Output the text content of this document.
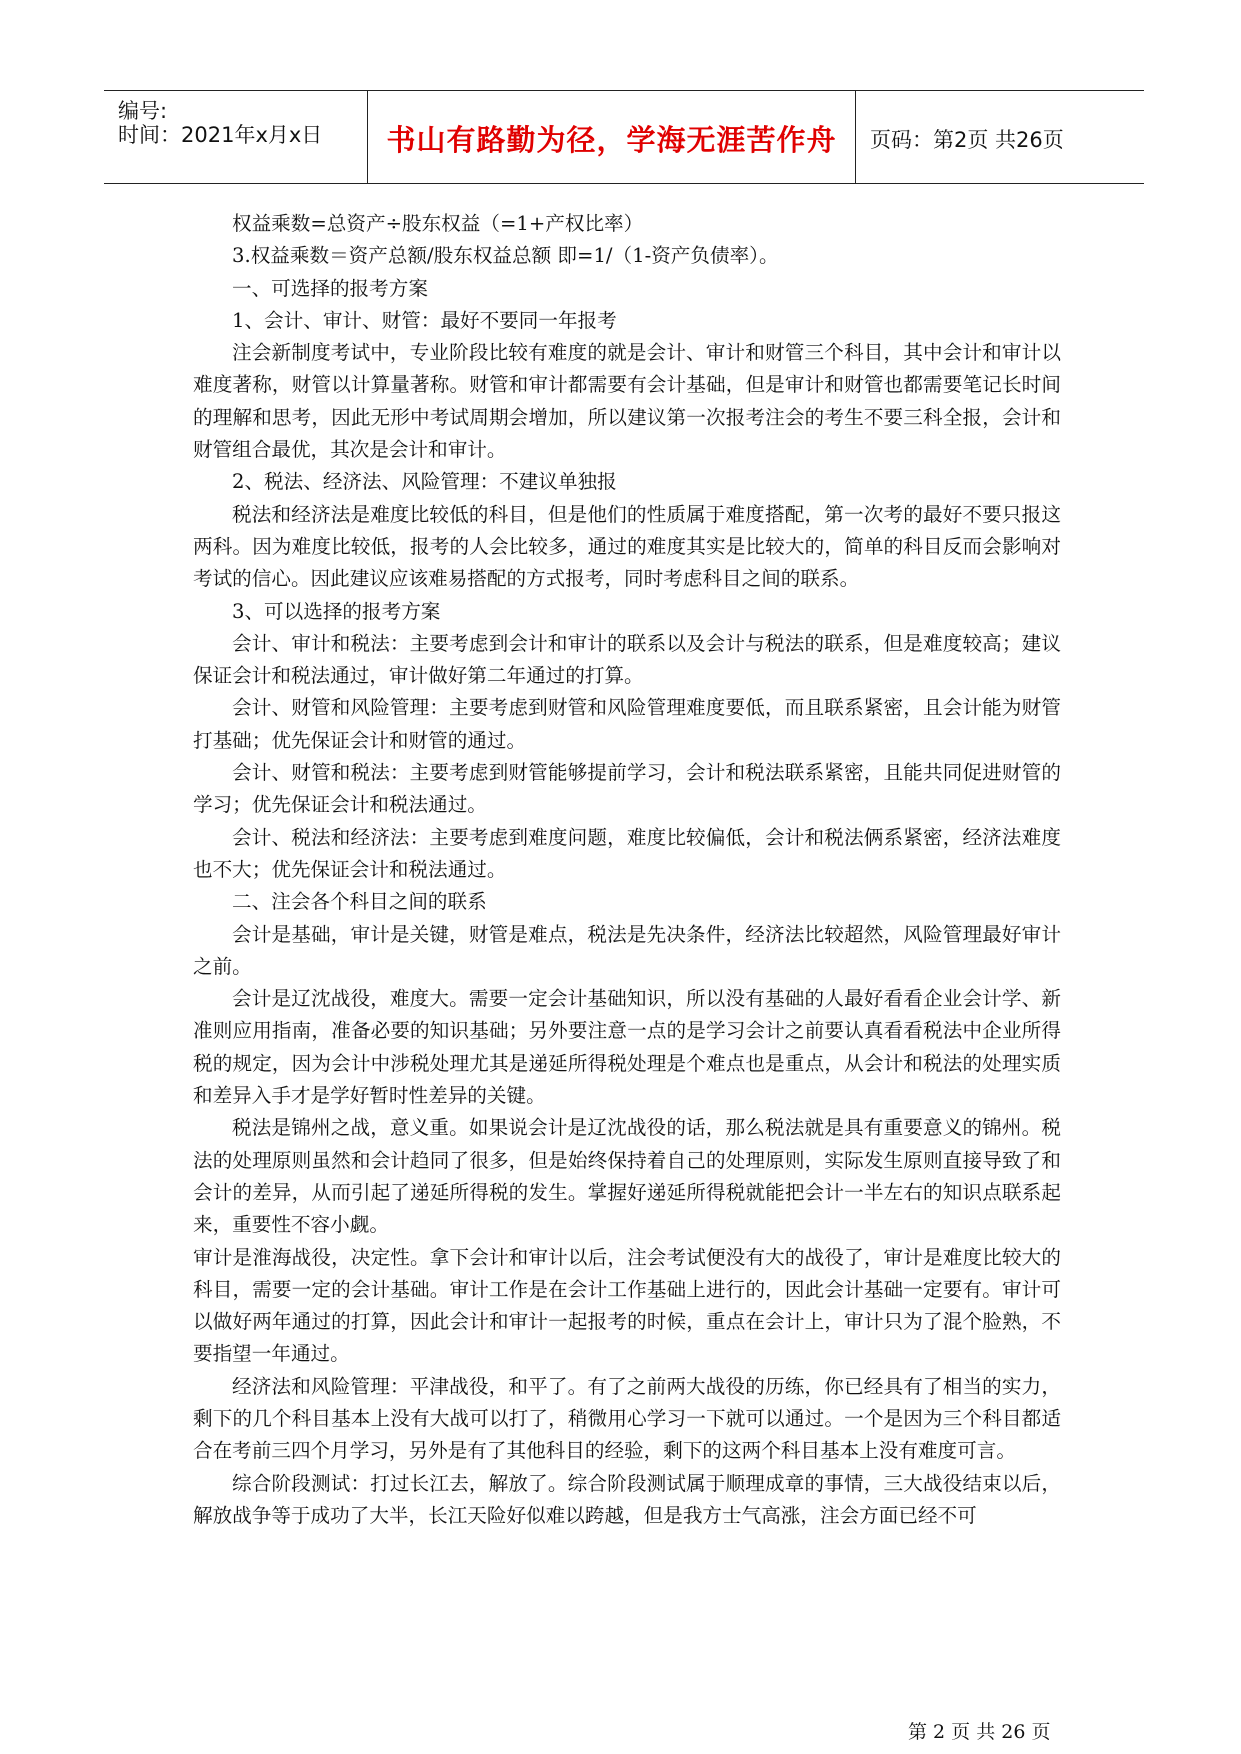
编号:
时间：2021年x月x日	书山有路勤为径，学海无涯苦作舟	页码：第2页 共26页

权益乘数=总资产÷股东权益（=1+产权比率）

3.权益乘数＝资产总额/股东权益总额 即=1/（1-资产负债率）。

一、可选择的报考方案

1、会计、审计、财管：最好不要同一年报考

注会新制度考试中，专业阶段比较有难度的就是会计、审计和财管三个科目，其中会计和审计以难度著称，财管以计算量著称。财管和审计都需要有会计基础，但是审计和财管也都需要笔记长时间的理解和思考，因此无形中考试周期会增加，所以建议第一次报考注会的考生不要三科全报，会计和财管组合最优，其次是会计和审计。

2、税法、经济法、风险管理：不建议单独报

税法和经济法是难度比较低的科目，但是他们的性质属于难度搭配，第一次考的最好不要只报这两科。因为难度比较低，报考的人会比较多，通过的难度其实是比较大的，简单的科目反而会影响对考试的信心。因此建议应该难易搭配的方式报考，同时考虑科目之间的联系。

3、可以选择的报考方案

会计、审计和税法：主要考虑到会计和审计的联系以及会计与税法的联系，但是难度较高；建议保证会计和税法通过，审计做好第二年通过的打算。

会计、财管和风险管理：主要考虑到财管和风险管理难度要低，而且联系紧密，且会计能为财管打基础；优先保证会计和财管的通过。

会计、财管和税法：主要考虑到财管能够提前学习，会计和税法联系紧密，且能共同促进财管的学习；优先保证会计和税法通过。

会计、税法和经济法：主要考虑到难度问题，难度比较偏低，会计和税法俩系紧密，经济法难度也不大；优先保证会计和税法通过。

二、注会各个科目之间的联系

会计是基础，审计是关键，财管是难点，税法是先决条件，经济法比较超然，风险管理最好审计之前。

会计是辽沈战役，难度大。需要一定会计基础知识，所以没有基础的人最好看看企业会计学、新准则应用指南，准备必要的知识基础；另外要注意一点的是学习会计之前要认真看看税法中企业所得税的规定，因为会计中涉税处理尤其是递延所得税处理是个难点也是重点，从会计和税法的处理实质和差异入手才是学好暂时性差异的关键。

税法是锦州之战，意义重。如果说会计是辽沈战役的话，那么税法就是具有重要意义的锦州。税法的处理原则虽然和会计趋同了很多，但是始终保持着自己的处理原则，实际发生原则直接导致了和会计的差异，从而引起了递延所得税的发生。掌握好递延所得税就能把会计一半左右的知识点联系起来，重要性不容小觑。

审计是淮海战役，决定性。拿下会计和审计以后，注会考试便没有大的战役了，审计是难度比较大的科目，需要一定的会计基础。审计工作是在会计工作基础上进行的，因此会计基础一定要有。审计可以做好两年通过的打算，因此会计和审计一起报考的时候，重点在会计上，审计只为了混个脸熟，不要指望一年通过。

经济法和风险管理：平津战役，和平了。有了之前两大战役的历练，你已经具有了相当的实力，剩下的几个科目基本上没有大战可以打了，稍微用心学习一下就可以通过。一个是因为三个科目都适合在考前三四个月学习，另外是有了其他科目的经验，剩下的这两个科目基本上没有难度可言。

综合阶段测试：打过长江去，解放了。综合阶段测试属于顺理成章的事情，三大战役结束以后，解放战争等于成功了大半，长江天险好似难以跨越，但是我方士气高涨，注会方面已经不可

第 2 页 共 26 页
